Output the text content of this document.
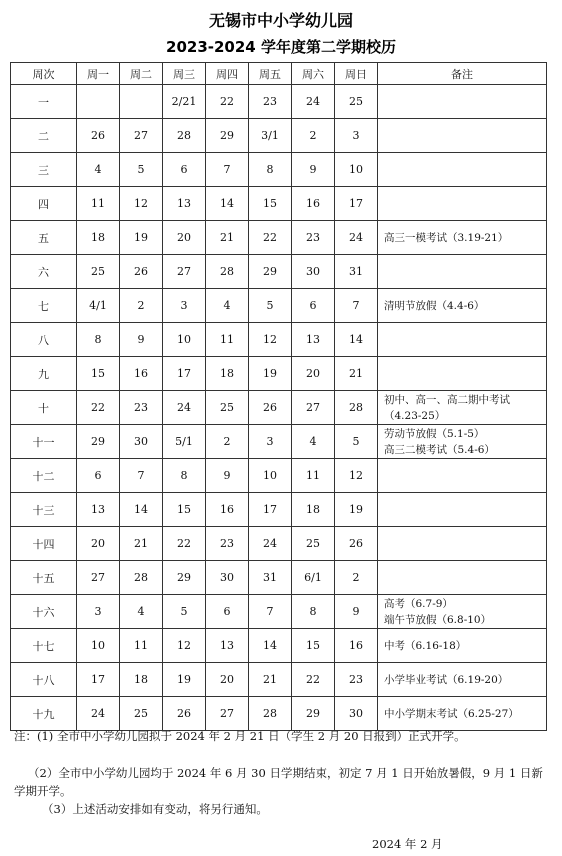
无锡市中小学幼儿园
2023-2024 学年度第二学期校历
周次	周一	周二	周三	周四	周五	周六	周日	备注
一			2/21	22	23	24	25	
二	26	27	28	29	3/1	2	3	
三	4	5	6	7	8	9	10	
四	11	12	13	14	15	16	17	
五	18	19	20	21	22	23	24	高三一模考试（3.19-21）

六	25	26	27	28	29	30	31	
七	4/1	2	3	4	5	6	7	清明节放假（4.4-6）

八	8	9	10	11	12	13	14	
九	15	16	17	18	19	20	21	
十	22	23	24	25	26	27	28	初中、高一、高二期中考试
（4.23-25）

十一	29	30	5/1	2	3	4	5	劳动节放假（5.1-5）
高三二模考试（5.4-6）

十二	6	7	8	9	10	11	12	
十三	13	14	15	16	17	18	19	
十四	20	21	22	23	24	25	26	
十五	27	28	29	30	31	6/1	2	
十六	3	4	5	6	7	8	9	高考（6.7-9）
端午节放假（6.8-10）

十七	10	11	12	13	14	15	16	中考（6.16-18）

十八	17	18	19	20	21	22	23	小学毕业考试（6.19-20）

十九	24	25	26	27	28	29	30	中小学期末考试（6.25-27）
注：(1) 全市中小学幼儿园拟于 2024 年 2 月 21 日（学生 2 月 20 日报到）正式开学。
（2）全市中小学幼儿园均于 2024 年 6 月 30 日学期结束，初定 7 月 1 日开始放暑假，9 月 1 日新学期开学。
（3）上述活动安排如有变动，将另行通知。
2024 年 2 月
